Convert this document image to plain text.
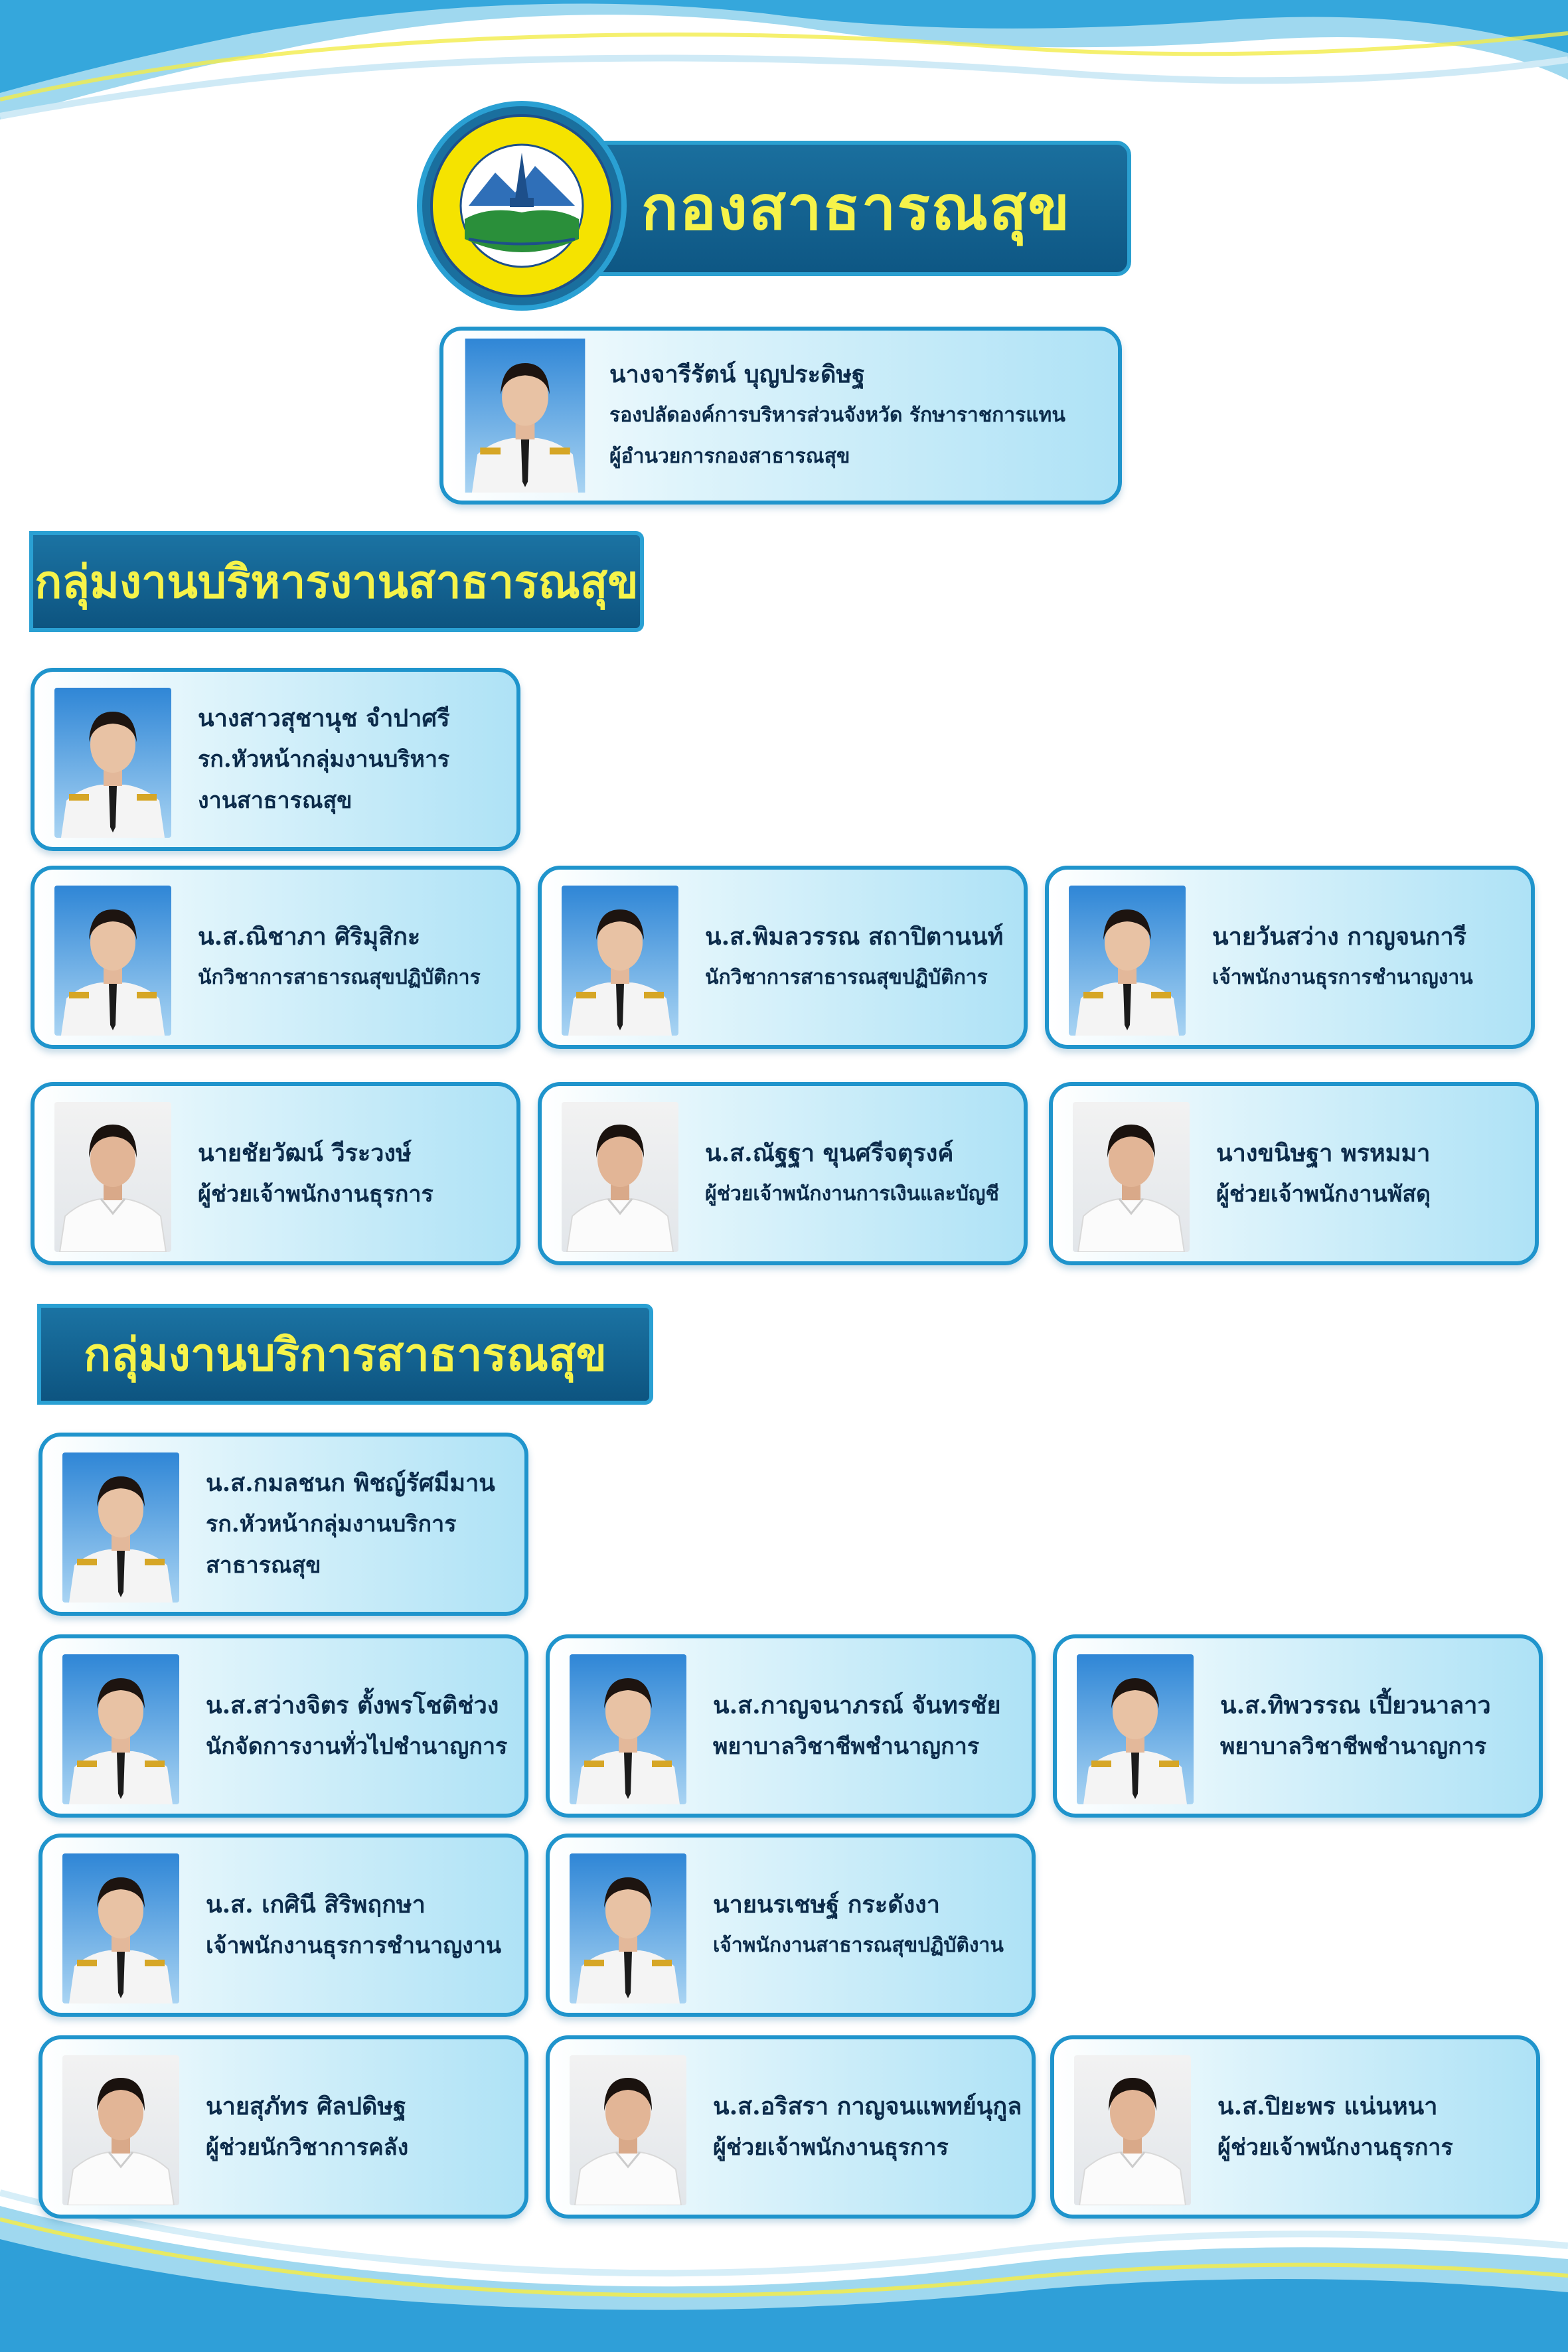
กองสาธารณสุข
นางจารีรัตน์ บุญประดิษฐ
รองปลัดองค์การบริหารส่วนจังหวัด รักษาราชการแทน
ผู้อำนวยการกองสาธารณสุข
กลุ่มงานบริหารงานสาธารณสุข
นางสาวสุชานุช จำปาศรี
รก.หัวหน้ากลุ่มงานบริหาร
งานสาธารณสุข
น.ส.ณิชาภา ศิริมุสิกะ
นักวิชาการสาธารณสุขปฏิบัติการ
น.ส.พิมลวรรณ สถาปิตานนท์
นักวิชาการสาธารณสุขปฏิบัติการ
นายวันสว่าง กาญจนการี
เจ้าพนักงานธุรการชำนาญงาน
นายชัยวัฒน์ วีระวงษ์
ผู้ช่วยเจ้าพนักงานธุรการ
น.ส.ณัฐฐา ขุนศรีจตุรงค์
ผู้ช่วยเจ้าพนักงานการเงินและบัญชี
นางขนิษฐา พรหมมา
ผู้ช่วยเจ้าพนักงานพัสดุ
กลุ่มงานบริการสาธารณสุข
น.ส.กมลชนก พิชญ์รัศมีมาน
รก.หัวหน้ากลุ่มงานบริการ
สาธารณสุข
น.ส.สว่างจิตร ตั้งพรโชติช่วง
นักจัดการงานทั่วไปชำนาญการ
น.ส.กาญจนาภรณ์ จันทรชัย
พยาบาลวิชาชีพชำนาญการ
น.ส.ทิพวรรณ เปี้ยวนาลาว
พยาบาลวิชาชีพชำนาญการ
น.ส. เกศินี สิริพฤกษา
เจ้าพนักงานธุรการชำนาญงาน
นายนรเชษฐ์ กระดังงา
เจ้าพนักงานสาธารณสุขปฏิบัติงาน
นายสุภัทร ศิลปดิษฐ
ผู้ช่วยนักวิชาการคลัง
น.ส.อริสรา กาญจนแพทย์นุกูล
ผู้ช่วยเจ้าพนักงานธุรการ
น.ส.ปิยะพร แน่นหนา
ผู้ช่วยเจ้าพนักงานธุรการ
